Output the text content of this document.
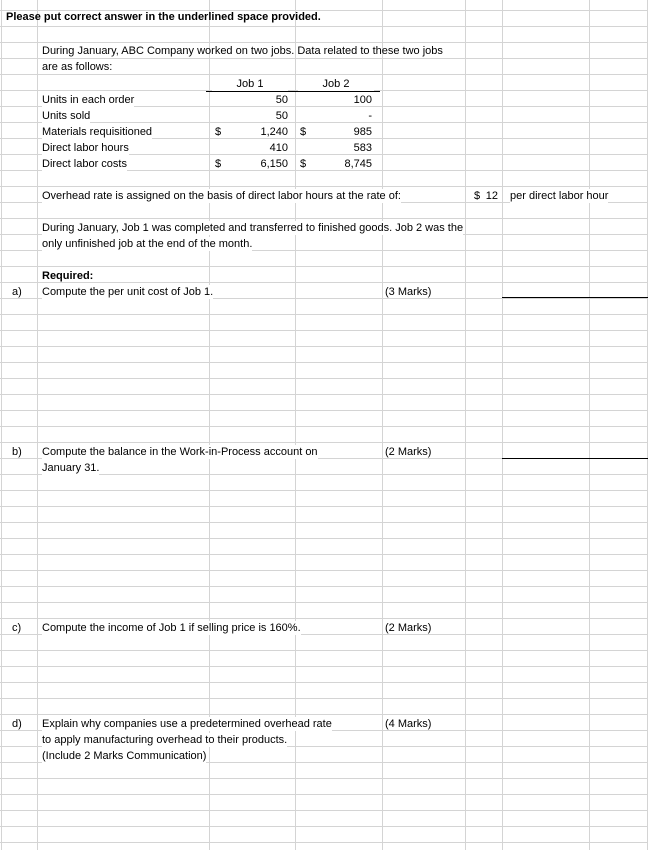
Please put correct answer in the underlined space provided.
During January, ABC Company worked on two jobs. Data related to these two jobs
are as follows:
Job 1	Job 2
Units in each order	50	100
Units sold	50	-
Materials requisitioned	$	1,240 $	985
Direct labor hours	410	583
Direct labor costs	$	6,150 $	8,745
Overhead rate is assigned on the basis of direct labor hours at the rate of:	$ 12 per direct labor hour
During January, Job 1 was completed and transferred to finished goods. Job 2 was the
only unfinished job at the end of the month.
Required:
a) Compute the per unit cost of Job 1.	(3 Marks)
b) Compute the balance in the Work-in-Process account on
January 31.
(2 Marks)
c) Compute the income of Job 1 if selling price is 160%.	(2 Marks)
d) Explain why companies use a predetermined overhead rate
to apply manufacturing overhead to their products.
(Include 2 Marks Communication)
(4 Marks)
